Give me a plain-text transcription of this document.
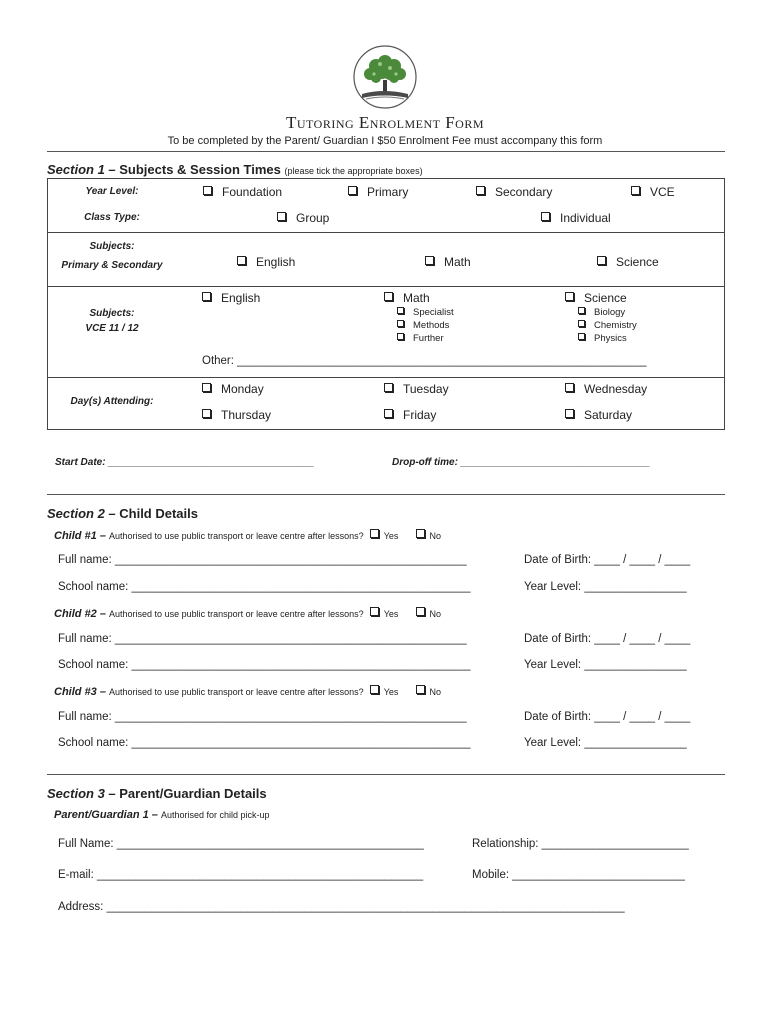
Tutoring Enrolment Form
To be completed by the Parent/ Guardian I $50 Enrolment Fee must accompany this form
Section 1 – Subjects & Session Times (please tick the appropriate boxes)
Year Level:	Foundation	Primary	Secondary	VCE
Class Type:	Group	Individual
Subjects:
Primary & Secondary	English	Math	Science
Subjects:
VCE 11 / 12
English	Math
Specialist
Methods
Further
Science
Biology
Chemistry
Physics
Other: ________________________________________________________________
Day(s) Attending:
Monday	Tuesday	Wednesday
Thursday	Friday	Saturday
Start Date: _____________________________________	Drop-off time: __________________________________
Section 2 – Child Details
Child #1 – Authorised to use public transport or leave centre after lessons? Yes	No
Full name: _______________________________________________________	Date of Birth: ____ / ____ / ____
School name: _____________________________________________________	Year Level: ________________
Child #2 – Authorised to use public transport or leave centre after lessons? Yes	No
Full name: _______________________________________________________	Date of Birth: ____ / ____ / ____
School name: _____________________________________________________	Year Level: ________________
Child #3 – Authorised to use public transport or leave centre after lessons? Yes	No
Full name: _______________________________________________________	Date of Birth: ____ / ____ / ____
School name: _____________________________________________________	Year Level: ________________
Section 3 – Parent/Guardian Details
Parent/Guardian 1 – Authorised for child pick-up
Full Name: ________________________________________________	Relationship: _______________________
E-mail: ___________________________________________________	Mobile: ___________________________
Address: _________________________________________________________________________________
